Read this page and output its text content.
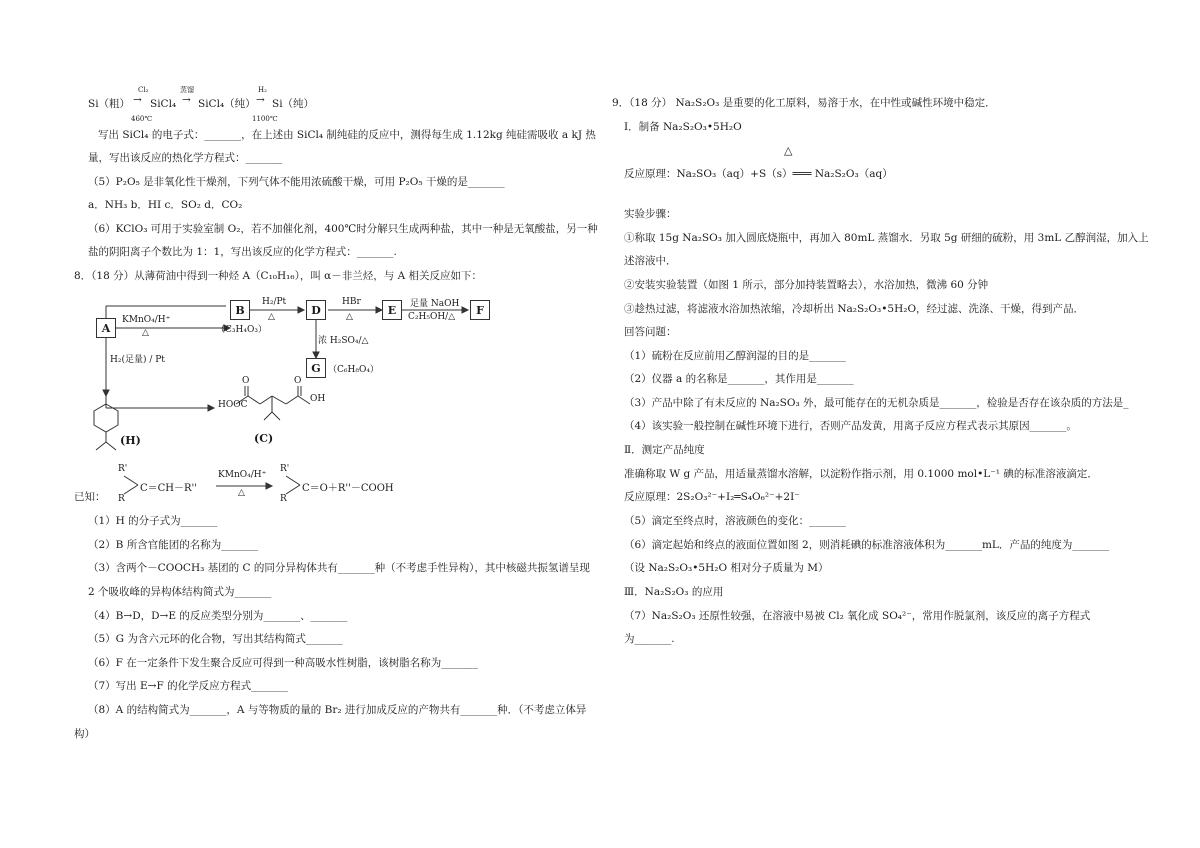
Cl₂	蒸馏	H₂
Si（粗） → SiCl₄ → SiCl₄（纯） → Si（纯）
460℃	1100℃
写出 SiCl₄ 的电子式：_______，在上述由 SiCl₄ 制纯硅的反应中，测得每生成 1.12kg 纯硅需吸收 a kJ 热
量，写出该反应的热化学方程式：_______
（5）P₂O₅ 是非氧化性干燥剂，下列气体不能用浓硫酸干燥，可用 P₂O₅ 干燥的是_______
a．NH₃ b．HI c．SO₂ d．CO₂
（6）KClO₃ 可用于实验室制 O₂，若不加催化剂，400℃时分解只生成两种盐，其中一种是无氧酸盐，另一种
盐的阴阳离子个数比为 1：1，写出该反应的化学方程式：_______.
8．（18 分）从薄荷油中得到一种烃 A（C₁₀H₁₆），叫 α－非兰烃，与 A 相关反应如下：
A
B	D	E	F
G
KMnO₄/H⁺
△	（C₃H₄O₃）
H₂/Pt
△
HBr
△
足量 NaOH
C₂H₅OH/△
浓 H₂SO₄/△
（C₆H₈O₄）
H₂(足量) / Pt
(H)
HOOC
O	O
OH
(C)
R'
R
C＝CH－R''
KMnO₄/H⁺
△
R'
R
C＝O＋R''－COOH
已知：
（1）H 的分子式为_______
（2）B 所含官能团的名称为_______
（3）含两个－COOCH₃ 基团的 C 的同分异构体共有_______种（不考虑手性异构），其中核磁共振氢谱呈现
2 个吸收峰的异构体结构简式为_______
（4）B→D，D→E 的反应类型分别为_______、_______
（5）G 为含六元环的化合物，写出其结构简式_______
（6）F 在一定条件下发生聚合反应可得到一种高吸水性树脂，该树脂名称为_______
（7）写出 E→F 的化学反应方程式_______
（8）A 的结构简式为_______，A 与等物质的量的 Br₂ 进行加成反应的产物共有_______种．（不考虑立体异
构）
9．（18 分） Na₂S₂O₃ 是重要的化工原料，易溶于水，在中性或碱性环境中稳定．
Ⅰ．制备 Na₂S₂O₃•5H₂O
△
反应原理：Na₂SO₃（aq）+S（s）═══ Na₂S₂O₃（aq）
实验步骤：
①称取 15g Na₂SO₃ 加入圆底烧瓶中，再加入 80mL 蒸馏水．另取 5g 研细的硫粉，用 3mL 乙醇润湿，加入上
述溶液中．
②安装实验装置（如图 1 所示，部分加持装置略去），水浴加热，微沸 60 分钟
③趁热过滤，将滤液水浴加热浓缩，冷却析出 Na₂S₂O₃•5H₂O，经过滤、洗涤、干燥，得到产品．
回答问题：
（1）硫粉在反应前用乙醇润湿的目的是_______
（2）仪器 a 的名称是_______，其作用是_______
（3）产品中除了有未反应的 Na₂SO₃ 外，最可能存在的无机杂质是_______，检验是否存在该杂质的方法是_
（4）该实验一般控制在碱性环境下进行，否则产品发黄，用离子反应方程式表示其原因_______。
Ⅱ．测定产品纯度
准确称取 W g 产品，用适量蒸馏水溶解，以淀粉作指示剂，用 0.1000 mol•L⁻¹ 碘的标准溶液滴定．
反应原理：2S₂O₃²⁻+I₂═S₄O₆²⁻+2I⁻
（5）滴定至终点时，溶液颜色的变化：_______
（6）滴定起始和终点的液面位置如图 2，则消耗碘的标准溶液体积为_______mL．产品的纯度为_______
（设 Na₂S₂O₃•5H₂O 相对分子质量为 M）
Ⅲ．Na₂S₂O₃ 的应用
（7）Na₂S₂O₃ 还原性较强，在溶液中易被 Cl₂ 氧化成 SO₄²⁻，常用作脱氯剂，该反应的离子方程式
为_______.
